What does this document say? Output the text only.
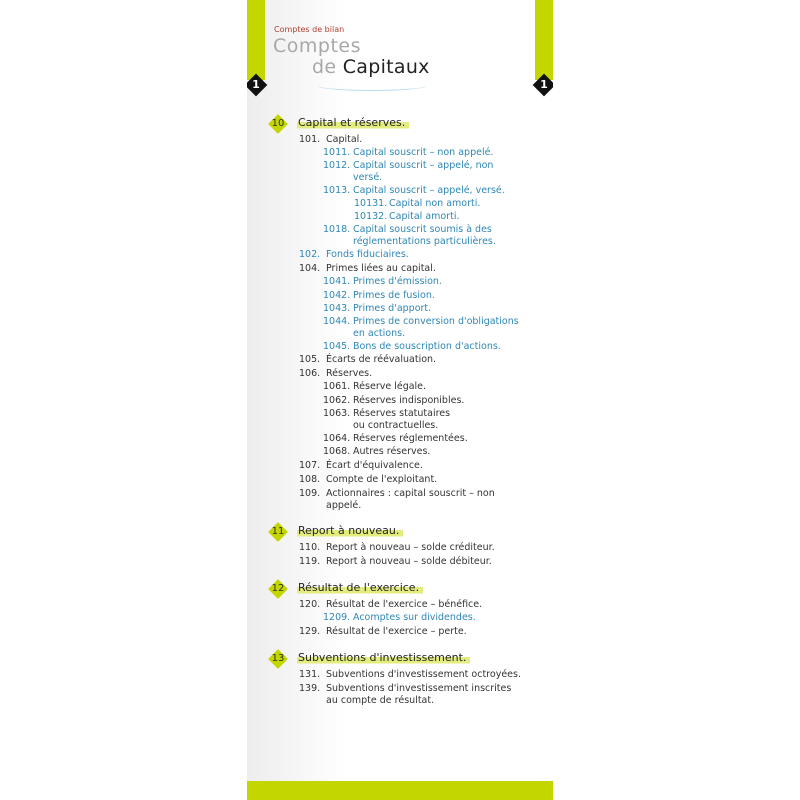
1	1
Comptes de bilan
Comptes
de Capitaux
10	Capital et réserves.
101. Capital.
1011. Capital souscrit – non appelé.
1012. Capital souscrit – appelé, non
versé.
1013. Capital souscrit – appelé, versé.
10131. Capital non amorti.
10132. Capital amorti.
1018. Capital souscrit soumis à des
réglementations particulières.
102. Fonds fiduciaires.
104. Primes liées au capital.
1041. Primes d'émission.
1042. Primes de fusion.
1043. Primes d'apport.
1044. Primes de conversion d'obligations
en actions.
1045. Bons de souscription d'actions.
105. Écarts de réévaluation.
106. Réserves.
1061. Réserve légale.
1062. Réserves indisponibles.
1063. Réserves statutaires
ou contractuelles.
1064. Réserves réglementées.
1068. Autres réserves.
107. Écart d'équivalence.
108. Compte de l'exploitant.
109. Actionnaires : capital souscrit – non
appelé.
11	Report à nouveau.
110. Report à nouveau – solde créditeur.
119. Report à nouveau – solde débiteur.
12	Résultat de l'exercice.
120. Résultat de l'exercice – bénéfice.
1209. Acomptes sur dividendes.
129. Résultat de l'exercice – perte.
13	Subventions d'investissement.
131. Subventions d'investissement octroyées.
139. Subventions d'investissement inscrites
au compte de résultat.
